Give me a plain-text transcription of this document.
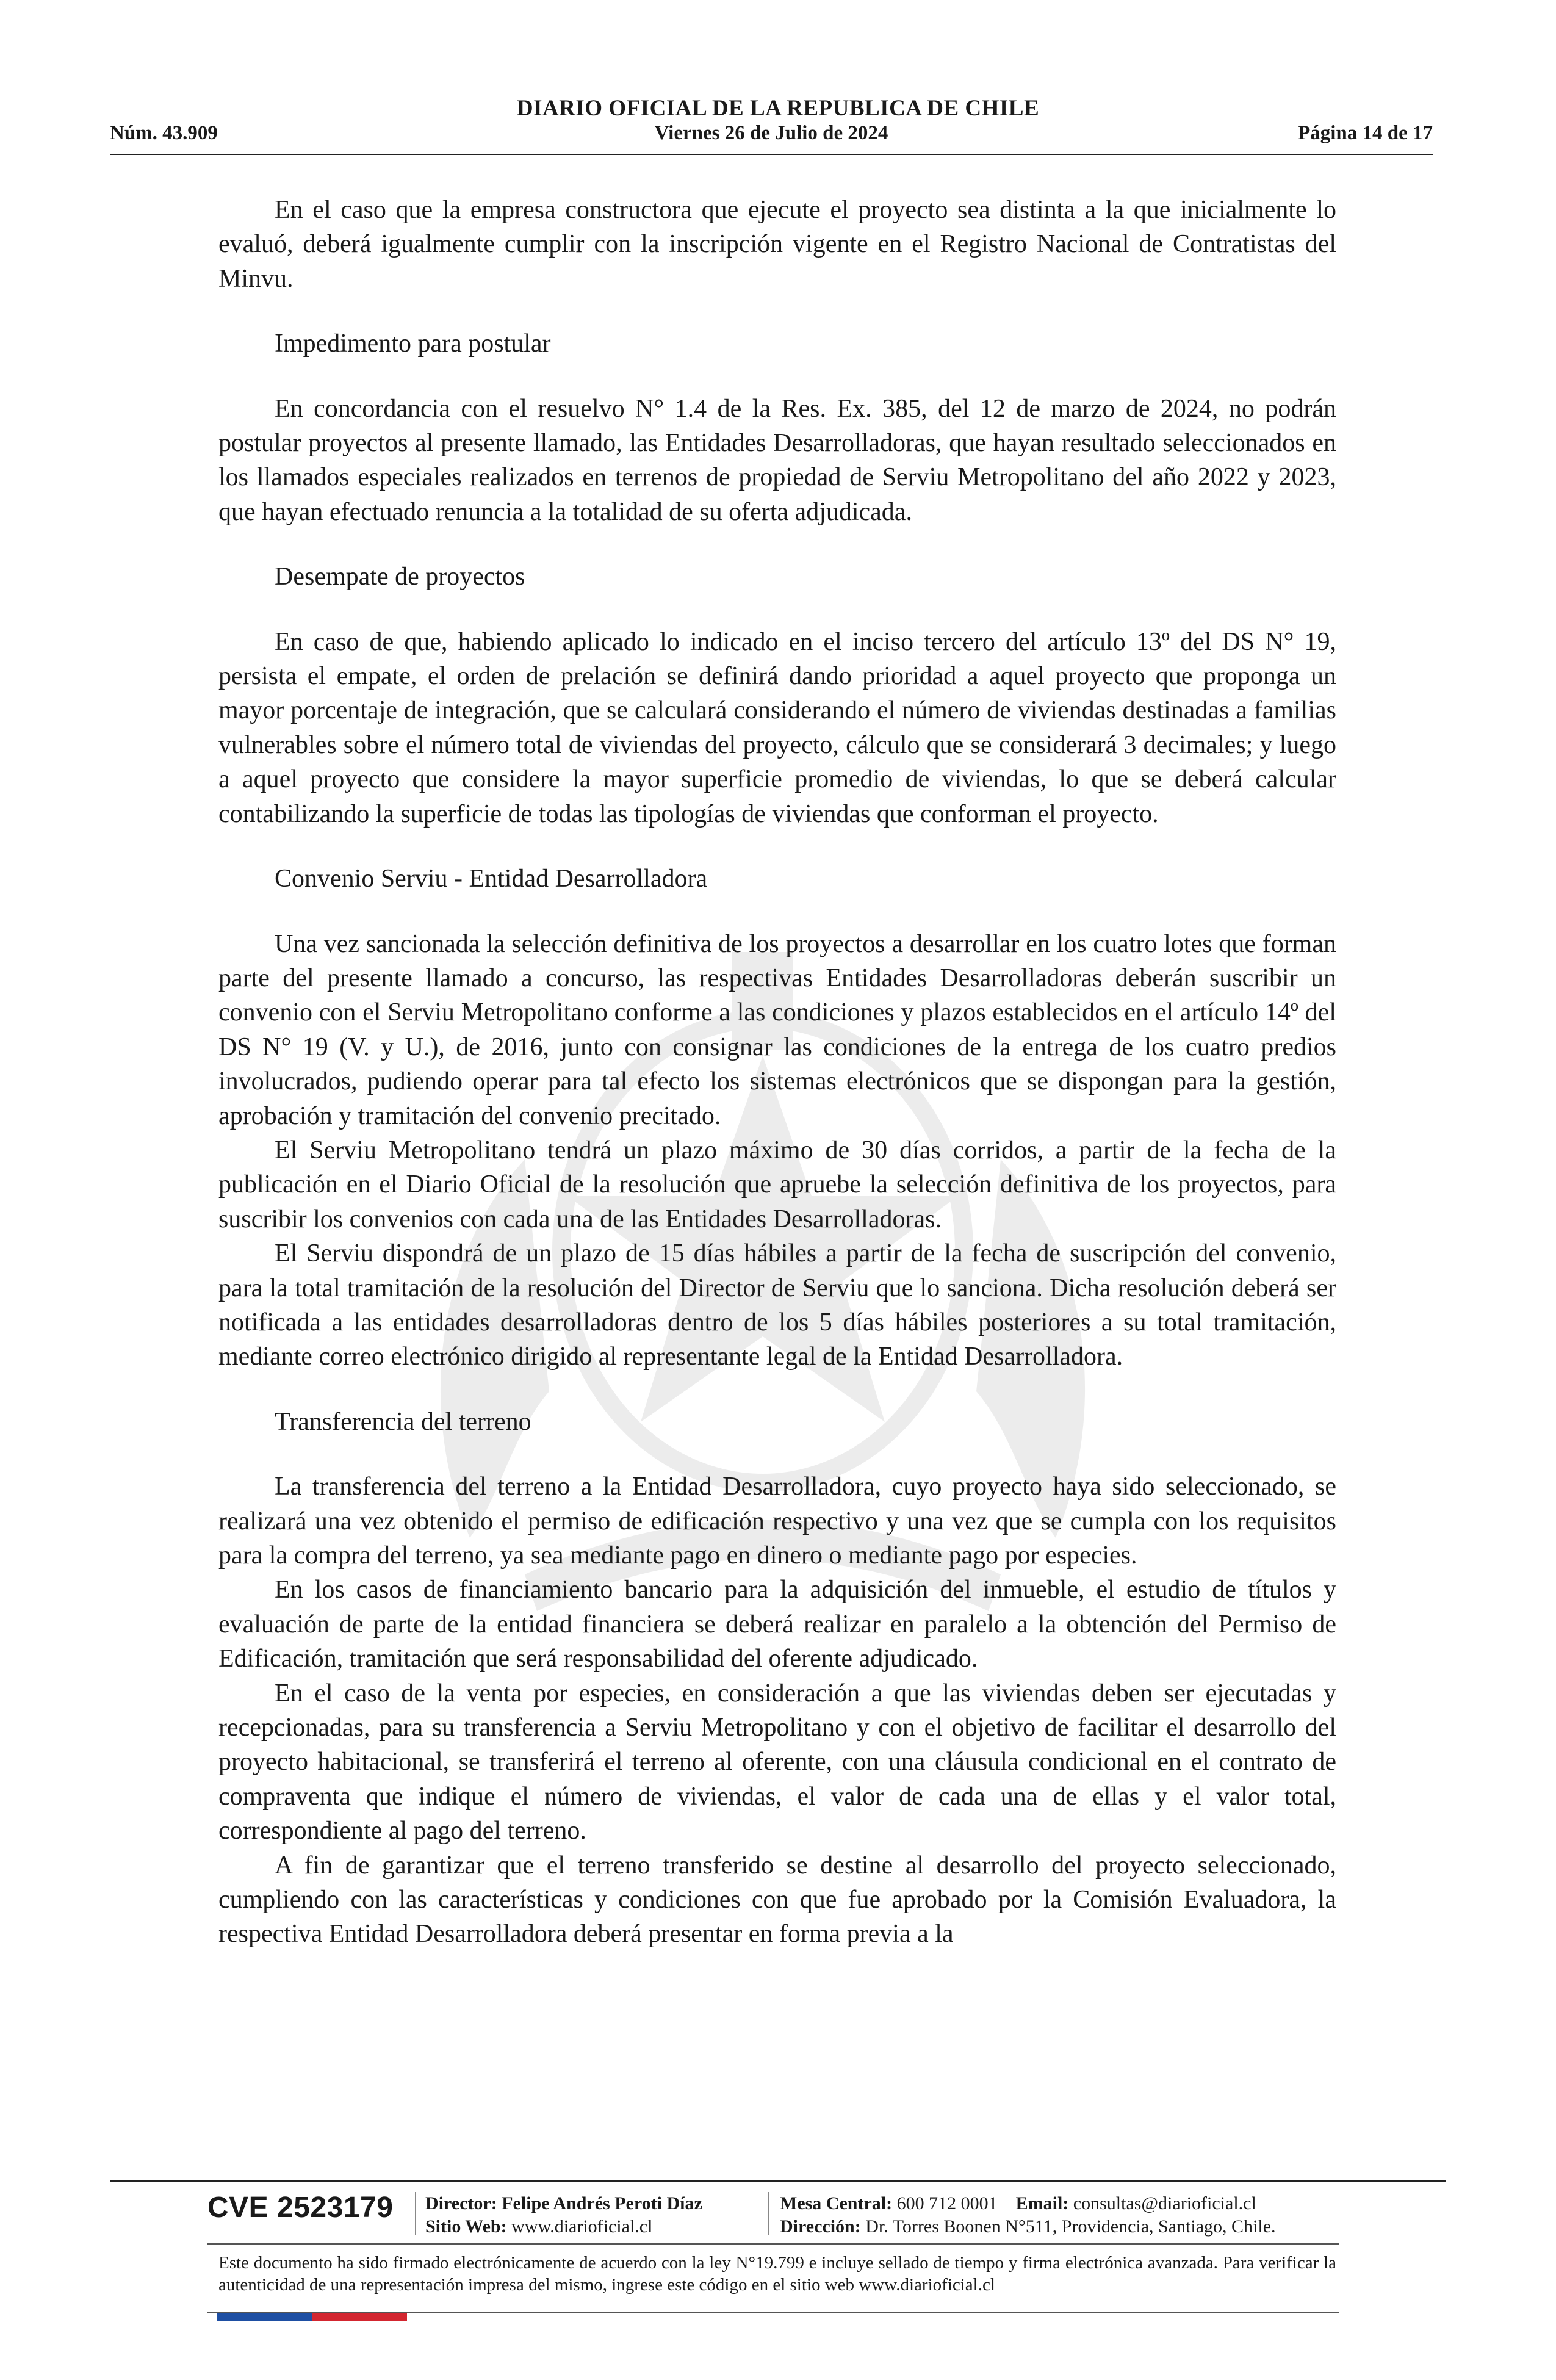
DIARIO OFICIAL DE LA REPUBLICA DE CHILE
Viernes 26 de Julio de 2024
Núm. 43.909	Página 14 de 17

En el caso que la empresa constructora que ejecute el proyecto sea distinta a la que inicialmente lo evaluó, deberá igualmente cumplir con la inscripción vigente en el Registro Nacional de Contratistas del Minvu.

Impedimento para postular

En concordancia con el resuelvo N° 1.4 de la Res. Ex. 385, del 12 de marzo de 2024, no podrán postular proyectos al presente llamado, las Entidades Desarrolladoras, que hayan resultado seleccionados en los llamados especiales realizados en terrenos de propiedad de Serviu Metropolitano del año 2022 y 2023, que hayan efectuado renuncia a la totalidad de su oferta adjudicada.

Desempate de proyectos

En caso de que, habiendo aplicado lo indicado en el inciso tercero del artículo 13º del DS N° 19, persista el empate, el orden de prelación se definirá dando prioridad a aquel proyecto que proponga un mayor porcentaje de integración, que se calculará considerando el número de viviendas destinadas a familias vulnerables sobre el número total de viviendas del proyecto, cálculo que se considerará 3 decimales; y luego a aquel proyecto que considere la mayor superficie promedio de viviendas, lo que se deberá calcular contabilizando la superficie de todas las tipologías de viviendas que conforman el proyecto.

Convenio Serviu - Entidad Desarrolladora

Una vez sancionada la selección definitiva de los proyectos a desarrollar en los cuatro lotes que forman parte del presente llamado a concurso, las respectivas Entidades Desarrolladoras deberán suscribir un convenio con el Serviu Metropolitano conforme a las condiciones y plazos establecidos en el artículo 14º del DS N° 19 (V. y U.), de 2016, junto con consignar las condiciones de la entrega de los cuatro predios involucrados, pudiendo operar para tal efecto los sistemas electrónicos que se dispongan para la gestión, aprobación y tramitación del convenio precitado.

El Serviu Metropolitano tendrá un plazo máximo de 30 días corridos, a partir de la fecha de la publicación en el Diario Oficial de la resolución que apruebe la selección definitiva de los proyectos, para suscribir los convenios con cada una de las Entidades Desarrolladoras.

El Serviu dispondrá de un plazo de 15 días hábiles a partir de la fecha de suscripción del convenio, para la total tramitación de la resolución del Director de Serviu que lo sanciona. Dicha resolución deberá ser notificada a las entidades desarrolladoras dentro de los 5 días hábiles posteriores a su total tramitación, mediante correo electrónico dirigido al representante legal de la Entidad Desarrolladora.

Transferencia del terreno

La transferencia del terreno a la Entidad Desarrolladora, cuyo proyecto haya sido seleccionado, se realizará una vez obtenido el permiso de edificación respectivo y una vez que se cumpla con los requisitos para la compra del terreno, ya sea mediante pago en dinero o mediante pago por especies.

En los casos de financiamiento bancario para la adquisición del inmueble, el estudio de títulos y evaluación de parte de la entidad financiera se deberá realizar en paralelo a la obtención del Permiso de Edificación, tramitación que será responsabilidad del oferente adjudicado.

En el caso de la venta por especies, en consideración a que las viviendas deben ser ejecutadas y recepcionadas, para su transferencia a Serviu Metropolitano y con el objetivo de facilitar el desarrollo del proyecto habitacional, se transferirá el terreno al oferente, con una cláusula condicional en el contrato de compraventa que indique el número de viviendas, el valor de cada una de ellas y el valor total, correspondiente al pago del terreno.

A fin de garantizar que el terreno transferido se destine al desarrollo del proyecto seleccionado, cumpliendo con las características y condiciones con que fue aprobado por la Comisión Evaluadora, la respectiva Entidad Desarrolladora deberá presentar en forma previa a la

CVE 2523179 Director: Felipe Andrés Peroti Díaz
Sitio Web: www.diarioficial.cl
Mesa Central: 600 712 0001 Email: consultas@diarioficial.cl
Dirección: Dr. Torres Boonen N°511, Providencia, Santiago, Chile.
Este documento ha sido firmado electrónicamente de acuerdo con la ley N°19.799 e incluye sellado de tiempo y firma electrónica avanzada. Para verificar la autenticidad de una representación impresa del mismo, ingrese este código en el sitio web www.diarioficial.cl
